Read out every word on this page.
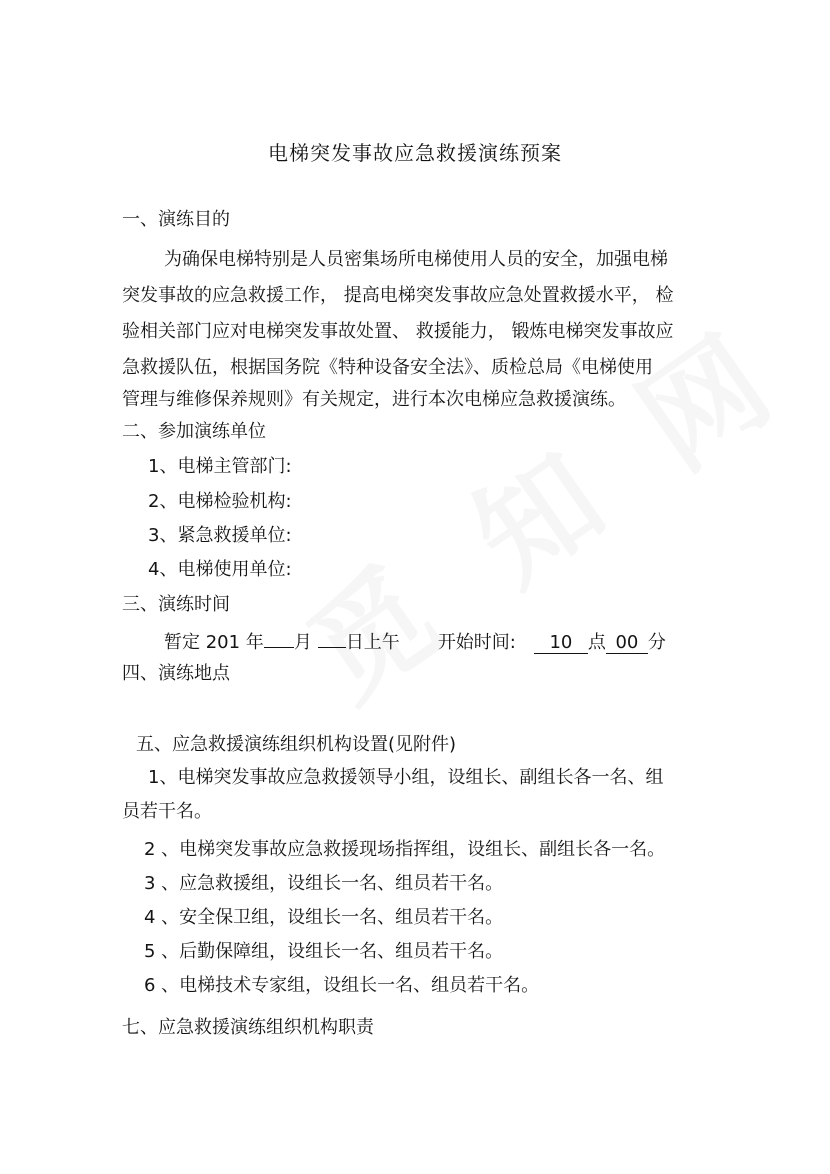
电梯突发事故应急救援演练预案
一、演练目的
为确保电梯特别是人员密集场所电梯使用人员的安全，加强电梯
突发事故的应急救援工作， 提高电梯突发事故应急处置救援水平， 检
验相关部门应对电梯突发事故处置、 救援能力， 锻炼电梯突发事故应
急救援队伍，根据国务院《特种设备安全法》、质检总局《电梯使用
管理与维修保养规则》有关规定，进行本次电梯应急救援演练。
二、参加演练单位
1、电梯主管部门:
2、电梯检验机构:
3、紧急救援单位:
4、电梯使用单位:
三、演练时间
暂定 201 年 月 日上午 开始时间: 10 点 00 分
四、演练地点
五、应急救援演练组织机构设置(见附件)
1、电梯突发事故应急救援领导小组，设组长、副组长各一名、组
员若干名。
2 、电梯突发事故应急救援现场指挥组，设组长、副组长各一名。
3 、应急救援组，设组长一名、组员若干名。
4 、安全保卫组，设组长一名、组员若干名。
5 、后勤保障组，设组长一名、组员若干名。
6 、电梯技术专家组，设组长一名、组员若干名。
七、应急救援演练组织机构职责
